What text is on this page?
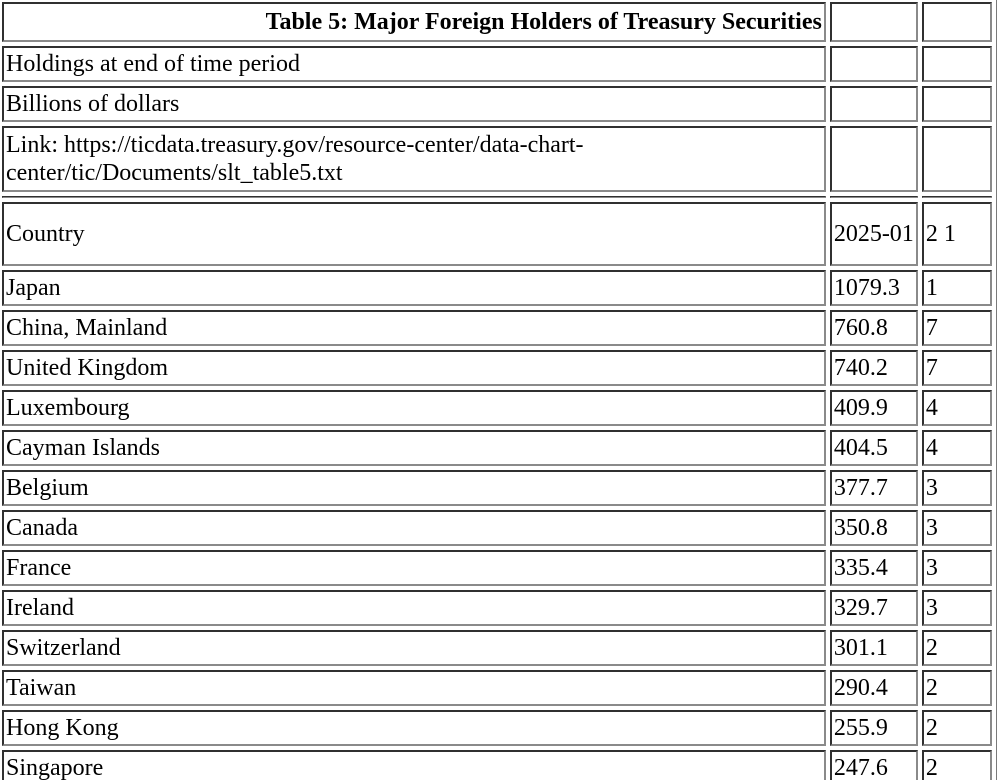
Table 5: Major Foreign Holders of Treasury Securities		
Holdings at end of time period		
Billions of dollars		
Link: https://ticdata.treasury.gov/resource-center/data-chart-center/tic/Documents/slt_table5.txt		

Country	2025-01	2 1
Japan	1079.3	1
China, Mainland	760.8	7
United Kingdom	740.2	7
Luxembourg	409.9	4
Cayman Islands	404.5	4
Belgium	377.7	3
Canada	350.8	3
France	335.4	3
Ireland	329.7	3
Switzerland	301.1	2
Taiwan	290.4	2
Hong Kong	255.9	2
Singapore	247.6	2
